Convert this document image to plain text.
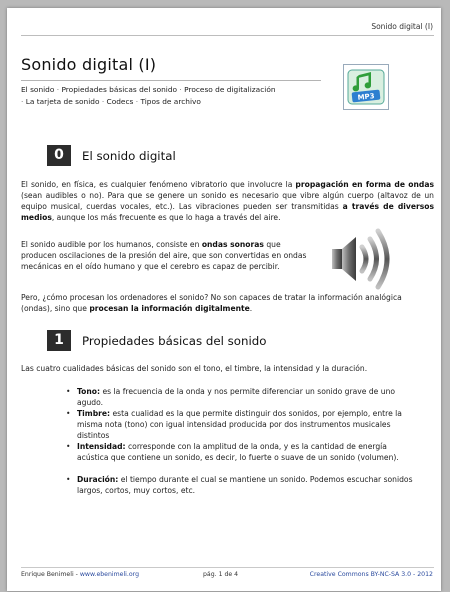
Sonido digital (I)
Sonido digital (I)
El sonido · Propiedades básicas del sonido · Proceso de digitalización
· La tarjeta de sonido · Codecs · Tipos de archivo	MP3
0	El sonido digital

El sonido, en física, es cualquier fenómeno vibratorio que involucre la propagación en forma de ondas (sean audibles o no). Para que se genere un sonido es necesario que vibre algún cuerpo (altavoz de un equipo musical, cuerdas vocales, etc.). Las vibraciones pueden ser transmitidas a través de diversos medios, aunque los más frecuente es que lo haga a través del aire.

El sonido audible por los humanos, consiste en ondas sonoras que producen oscilaciones de la presión del aire, que son convertidas en ondas mecánicas en el oído humano y que el cerebro es capaz de percibir.

Pero, ¿cómo procesan los ordenadores el sonido? No son capaces de tratar la información analógica (ondas), sino que procesan la información digitalmente.

1	Propiedades básicas del sonido

Las cuatro cualidades básicas del sonido son el tono, el timbre, la intensidad y la duración.

• Tono: es la frecuencia de la onda y nos permite diferenciar un sonido grave de uno agudo.
• Timbre: esta cualidad es la que permite distinguir dos sonidos, por ejemplo, entre la misma nota (tono) con igual intensidad producida por dos instrumentos musicales distintos
• Intensidad: corresponde con la amplitud de la onda, y es la cantidad de energía acústica que contiene un sonido, es decir, lo fuerte o suave de un sonido (volumen).
• Duración: el tiempo durante el cual se mantiene un sonido. Podemos escuchar sonidos largos, cortos, muy cortos, etc.
Enrique Benimeli - www.ebenimeli.org	pág. 1 de 4	Creative Commons BY-NC-SA 3.0 - 2012
